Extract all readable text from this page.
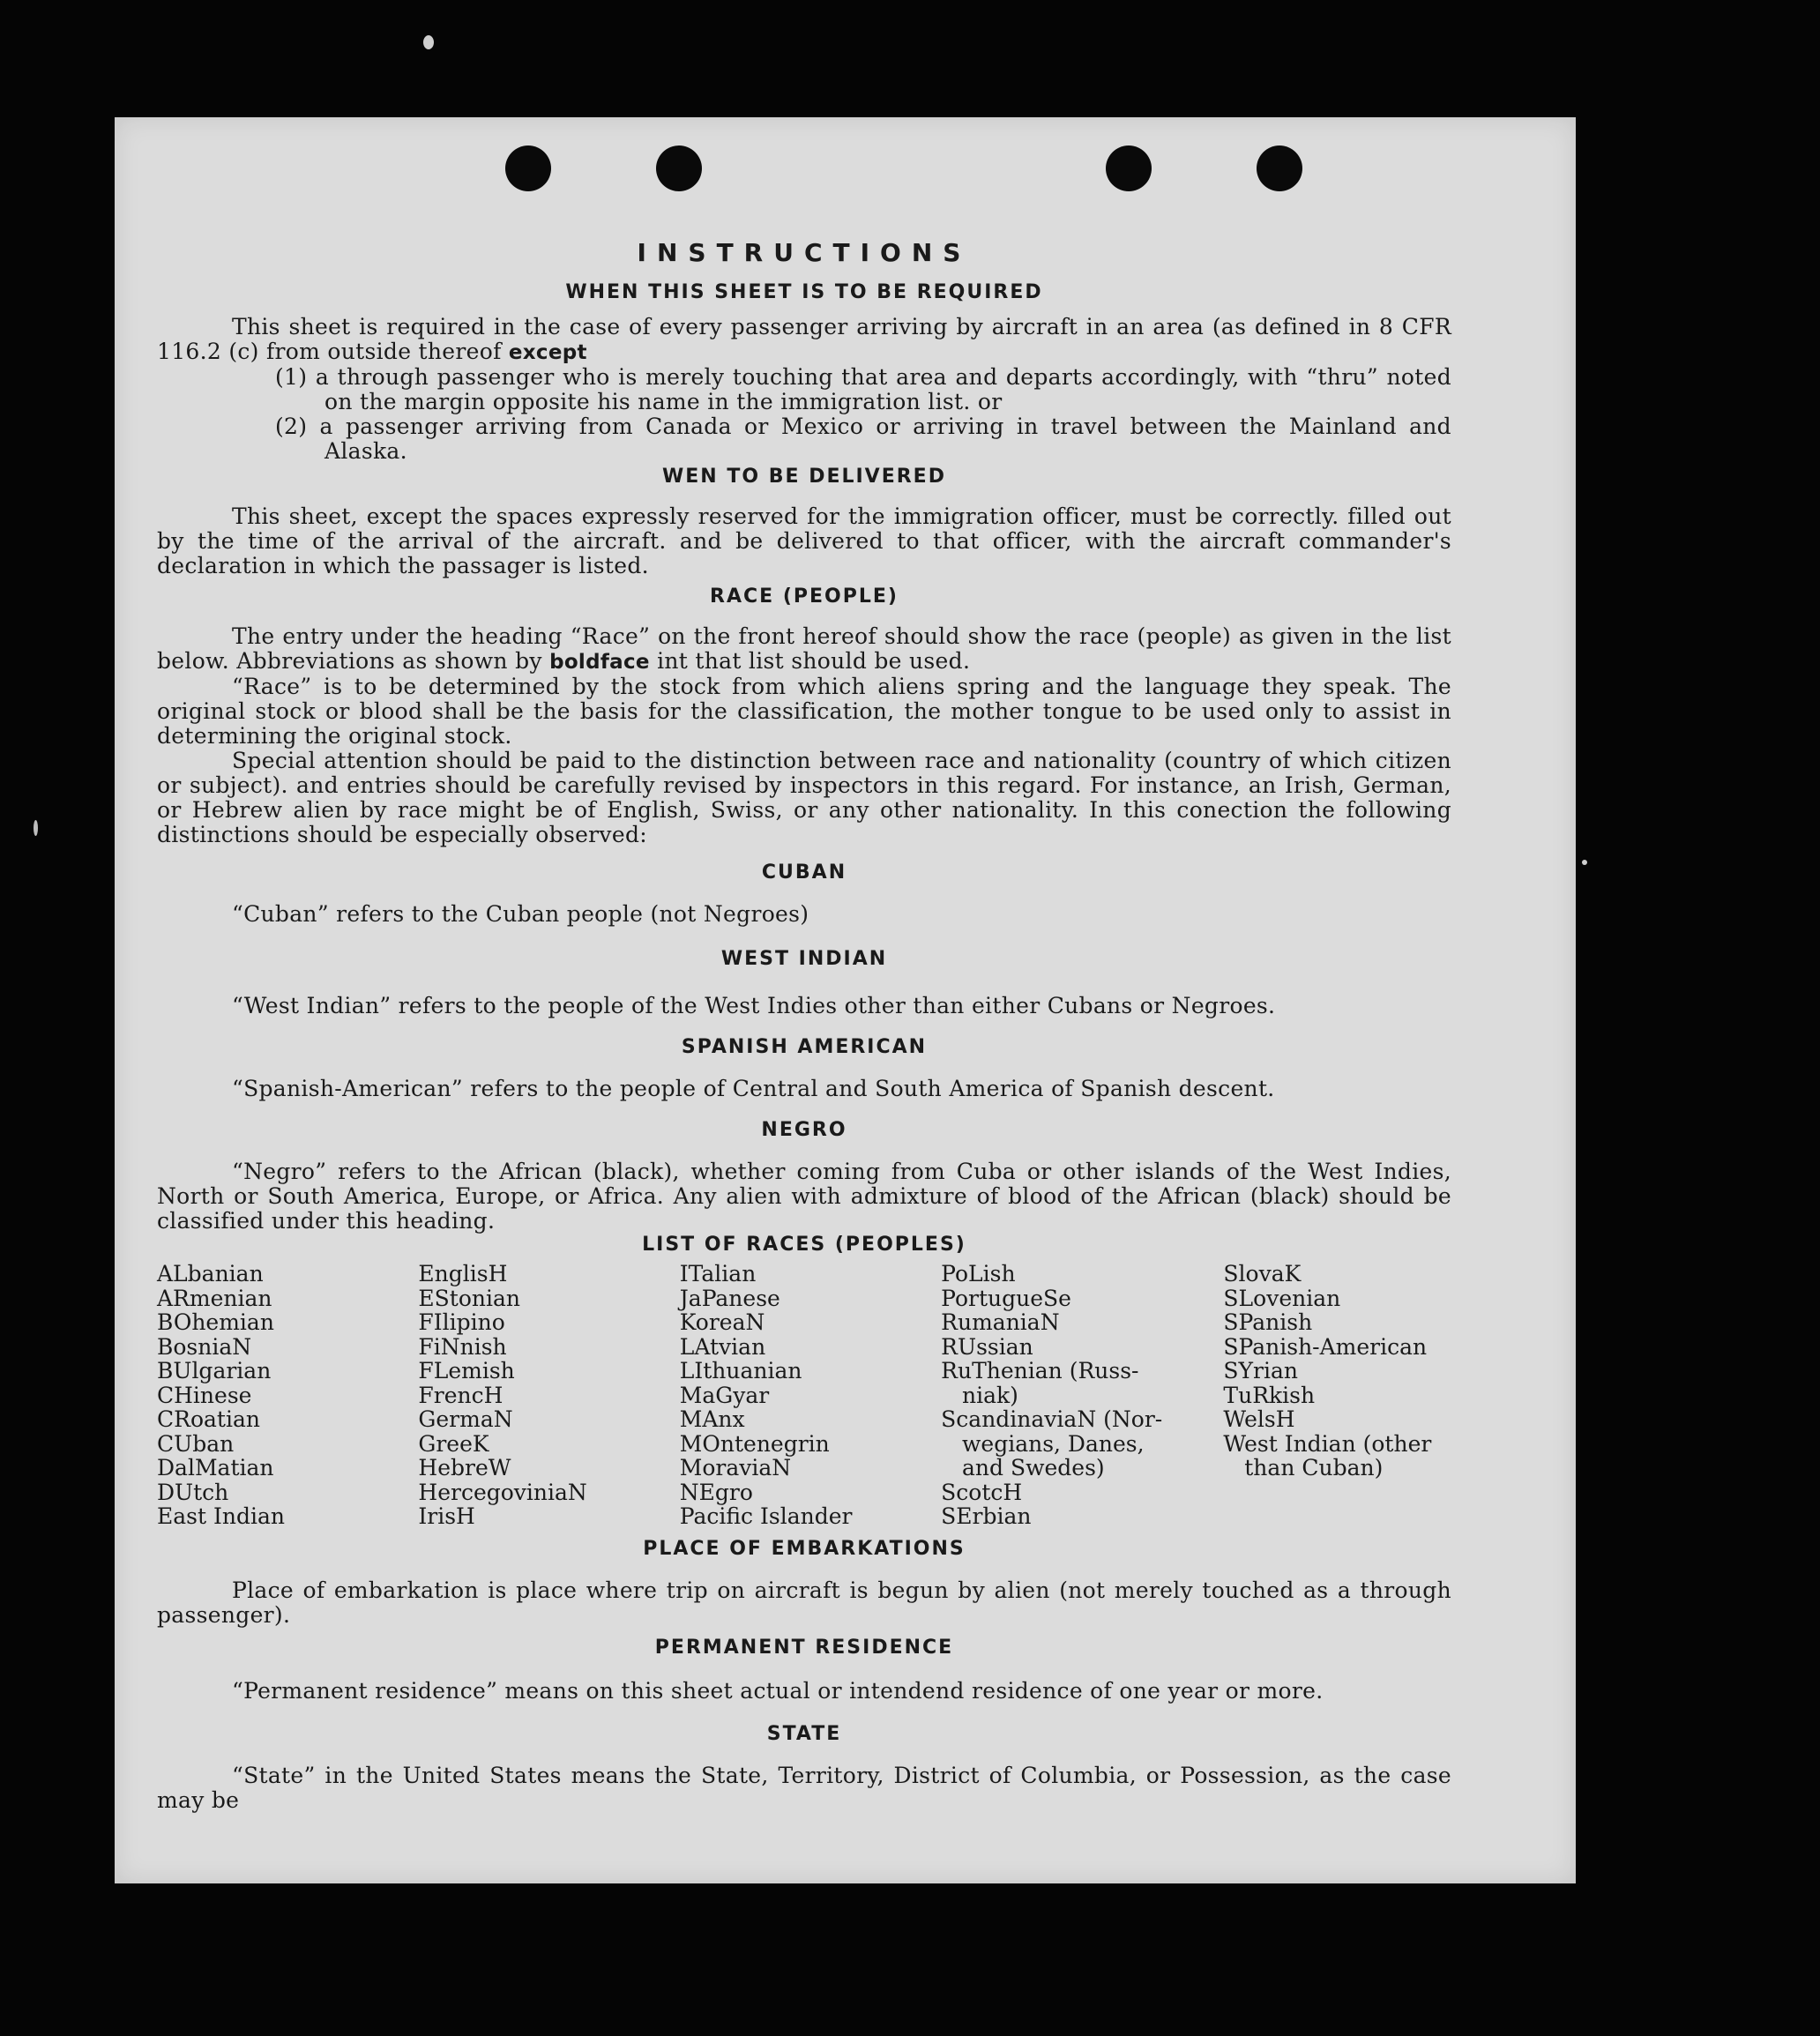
INSTRUCTIONS
WHEN THIS SHEET IS TO BE REQUIRED

This sheet is required in the case of every passenger arriving by aircraft in an area (as defined in 8 CFR 116.2 (c) from outside thereof except

(1) a through passenger who is merely touching that area and departs accordingly, with “thru” noted on the margin opposite his name in the immigration list. or

(2) a passenger arriving from Canada or Mexico or arriving in travel between the Mainland and Alaska.

WEN TO BE DELIVERED

This sheet, except the spaces expressly reserved for the immigration officer, must be correctly. filled out by the time of the arrival of the aircraft. and be delivered to that officer, with the aircraft commander's declaration in which the passager is listed.

RACE (PEOPLE)

The entry under the heading “Race” on the front hereof should show the race (people) as given in the list below. Abbreviations as shown by boldface int that list should be used.

“Race” is to be determined by the stock from which aliens spring and the language they speak. The original stock or blood shall be the basis for the classification, the mother tongue to be used only to assist in determining the original stock.

Special attention should be paid to the distinction between race and nationality (country of which citizen or subject). and entries should be carefully revised by inspectors in this regard. For instance, an Irish, German, or Hebrew alien by race might be of English, Swiss, or any other nationality. In this conection the following distinctions should be especially observed:

CUBAN

“Cuban” refers to the Cuban people (not Negroes)

WEST INDIAN

“West Indian” refers to the people of the West Indies other than either Cubans or Negroes.

SPANISH AMERICAN

“Spanish-American” refers to the people of Central and South America of Spanish descent.

NEGRO

“Negro” refers to the African (black), whether coming from Cuba or other islands of the West Indies, North or South America, Europe, or Africa. Any alien with admixture of blood of the African (black) should be classified under this heading.

LIST OF RACES (PEOPLES)
ALbanian
ARmenian
BOhemian
BosniaN
BUlgarian
CHinese
CRoatian
CUban
DalMatian
DUtch
East Indian
EnglisH
EStonian
FIlipino
FiNnish
FLemish
FrencH
GermaN
GreeK
HebreW
HercegoviniaN
IrisH
ITalian
JaPanese
KoreaN
LAtvian
LIthuanian
MaGyar
MAnx
MOntenegrin
MoraviaN
NEgro
Pacific Islander
PoLish
PortugueSe
RumaniaN
RUssian
RuThenian (Russ-
niak)
ScandinaviaN (Nor-
wegians, Danes,
and Swedes)
ScotcH
SErbian
SlovaK
SLovenian
SPanish
SPanish-American
SYrian
TuRkish
WelsH
West Indian (other
than Cuban)
PLACE OF EMBARKATIONS

Place of embarkation is place where trip on aircraft is begun by alien (not merely touched as a through passenger).

PERMANENT RESIDENCE

“Permanent residence” means on this sheet actual or intendend residence of one year or more.

STATE

“State” in the United States means the State, Territory, District of Columbia, or Possession, as the case may be
